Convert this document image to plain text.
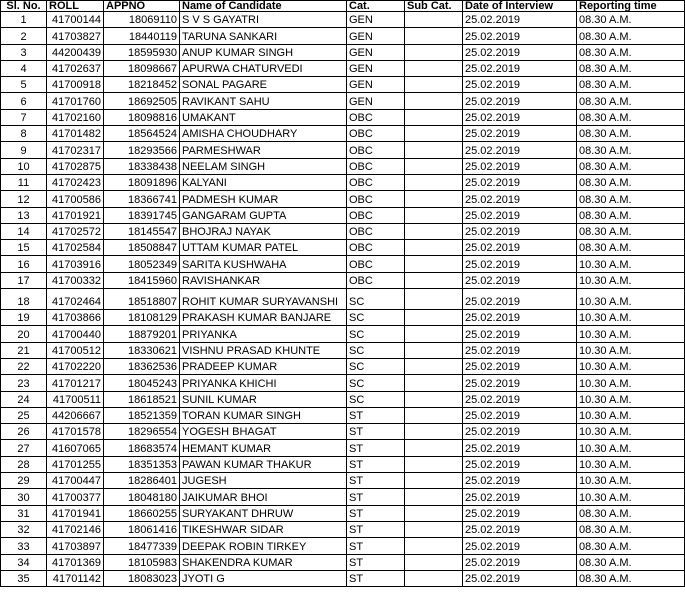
Sl. No.	ROLL	APPNO	Name of Candidate	Cat.	Sub Cat.	Date of Interview	Reporting time
1	41700144	18069110	S V S GAYATRI	GEN		25.02.2019	08.30 A.M.
2	41703827	18440119	TARUNA SANKARI	GEN		25.02.2019	08.30 A.M.
3	44200439	18595930	ANUP KUMAR SINGH	GEN		25.02.2019	08.30 A.M.
4	41702637	18098667	APURWA CHATURVEDI	GEN		25.02.2019	08.30 A.M.
5	41700918	18218452	SONAL PAGARE	GEN		25.02.2019	08.30 A.M.
6	41701760	18692505	RAVIKANT SAHU	GEN		25.02.2019	08.30 A.M.
7	41702160	18098816	UMAKANT	OBC		25.02.2019	08.30 A.M.
8	41701482	18564524	AMISHA CHOUDHARY	OBC		25.02.2019	08.30 A.M.
9	41702317	18293566	PARMESHWAR	OBC		25.02.2019	08.30 A.M.
10	41702875	18338438	NEELAM SINGH	OBC		25.02.2019	08.30 A.M.
11	41702423	18091896	KALYANI	OBC		25.02.2019	08.30 A.M.
12	41700586	18366741	PADMESH KUMAR	OBC		25.02.2019	08.30 A.M.
13	41701921	18391745	GANGARAM GUPTA	OBC		25.02.2019	08.30 A.M.
14	41702572	18145547	BHOJRAJ NAYAK	OBC		25.02.2019	08.30 A.M.
15	41702584	18508847	UTTAM KUMAR PATEL	OBC		25.02.2019	08.30 A.M.
16	41703916	18052349	SARITA KUSHWAHA	OBC		25.02.2019	10.30 A.M.
17	41700332	18415960	RAVISHANKAR	OBC		25.02.2019	10.30 A.M.
18	41702464	18518807	ROHIT KUMAR SURYAVANSHI	SC		25.02.2019	10.30 A.M.
19	41703866	18108129	PRAKASH KUMAR BANJARE	SC		25.02.2019	10.30 A.M.
20	41700440	18879201	PRIYANKA	SC		25.02.2019	10.30 A.M.
21	41700512	18330621	VISHNU PRASAD KHUNTE	SC		25.02.2019	10.30 A.M.
22	41702220	18362536	PRADEEP KUMAR	SC		25.02.2019	10.30 A.M.
23	41701217	18045243	PRIYANKA KHICHI	SC		25.02.2019	10.30 A.M.
24	41700511	18618521	SUNIL KUMAR	SC		25.02.2019	10.30 A.M.
25	44206667	18521359	TORAN KUMAR SINGH	ST		25.02.2019	10.30 A.M.
26	41701578	18296554	YOGESH BHAGAT	ST		25.02.2019	10.30 A.M.
27	41607065	18683574	HEMANT KUMAR	ST		25.02.2019	10.30 A.M.
28	41701255	18351353	PAWAN KUMAR THAKUR	ST		25.02.2019	10.30 A.M.
29	41700447	18286401	JUGESH	ST		25.02.2019	10.30 A.M.
30	41700377	18048180	JAIKUMAR BHOI	ST		25.02.2019	10.30 A.M.
31	41701941	18660255	SURYAKANT DHRUW	ST		25.02.2019	08.30 A.M.
32	41702146	18061416	TIKESHWAR SIDAR	ST		25.02.2019	08.30 A.M.
33	41703897	18477339	DEEPAK ROBIN TIRKEY	ST		25.02.2019	08.30 A.M.
34	41701369	18105983	SHAKENDRA KUMAR	ST		25.02.2019	08.30 A.M.
35	41701142	18083023	JYOTI G	ST		25.02.2019	08.30 A.M.
